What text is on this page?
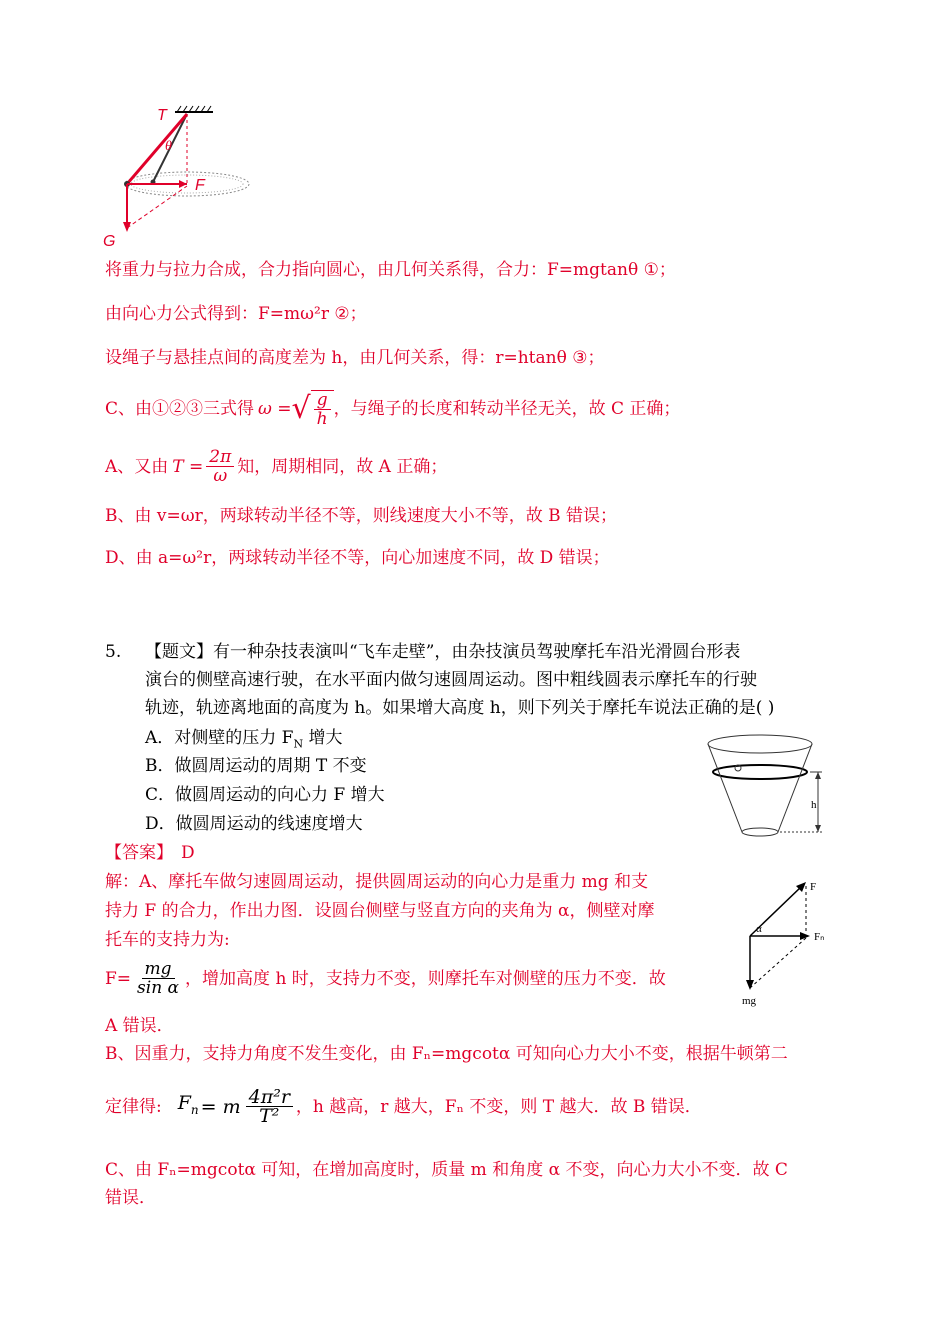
T
θ
F
G
将重力与拉力合成，合力指向圆心，由几何关系得，合力：F=mgtanθ ①；
由向心力公式得到：F=mω²r ②；
设绳子与悬挂点间的高度差为 h，由几何关系，得：r=htanθ ③；
C、由①②③三式得 ω = √ $\frac{g}{h}$ ，与绳子的长度和转动半径无关，故 C 正确；
A、又由 $T = \frac{2\pi}{\omega}$ 知，周期相同，故 A 正确；
B、由 v=ωr，两球转动半径不等，则线速度大小不等，故 B 错误；
D、由 a=ω²r，两球转动半径不等，向心加速度不同，故 D 错误；
5. 【题文】有一种杂技表演叫“飞车走壁”，由杂技演员驾驶摩托车沿光滑圆台形表
演台的侧壁高速行驶，在水平面内做匀速圆周运动。图中粗线圆表示摩托车的行驶
轨迹，轨迹离地面的高度为 h。如果增大高度 h，则下列关于摩托车说法正确的是( )
A．对侧壁的压力 $F_N$ 增大
B．做圆周运动的周期 T 不变
C．做圆周运动的向心力 F 增大
D．做圆周运动的线速度增大
h
【答案】 D
解：A、摩托车做匀速圆周运动，提供圆周运动的向心力是重力 mg 和支
持力 F 的合力，作出力图．设圆台侧壁与竖直方向的夹角为 α，侧壁对摩
托车的支持力为:
$F= \frac{mg}{\text{sin α}}$ ，增加高度 h 时，支持力不变，则摩托车对侧壁的压力不变．故
A 错误．
F
Fₙ
mg
α
B、因重力，支持力角度不发生变化，由 Fₙ=mgcotα 可知向心力大小不变，根据牛顿第二
定律得: $F_n = m \frac{\text{4π²r}}{\text{T²}}$ ，h 越高，r 越大，Fₙ 不变，则 T 越大．故 B 错误．
C、由 Fₙ=mgcotα 可知，在增加高度时，质量 m 和角度 α 不变，向心力大小不变．故 C
错误．
